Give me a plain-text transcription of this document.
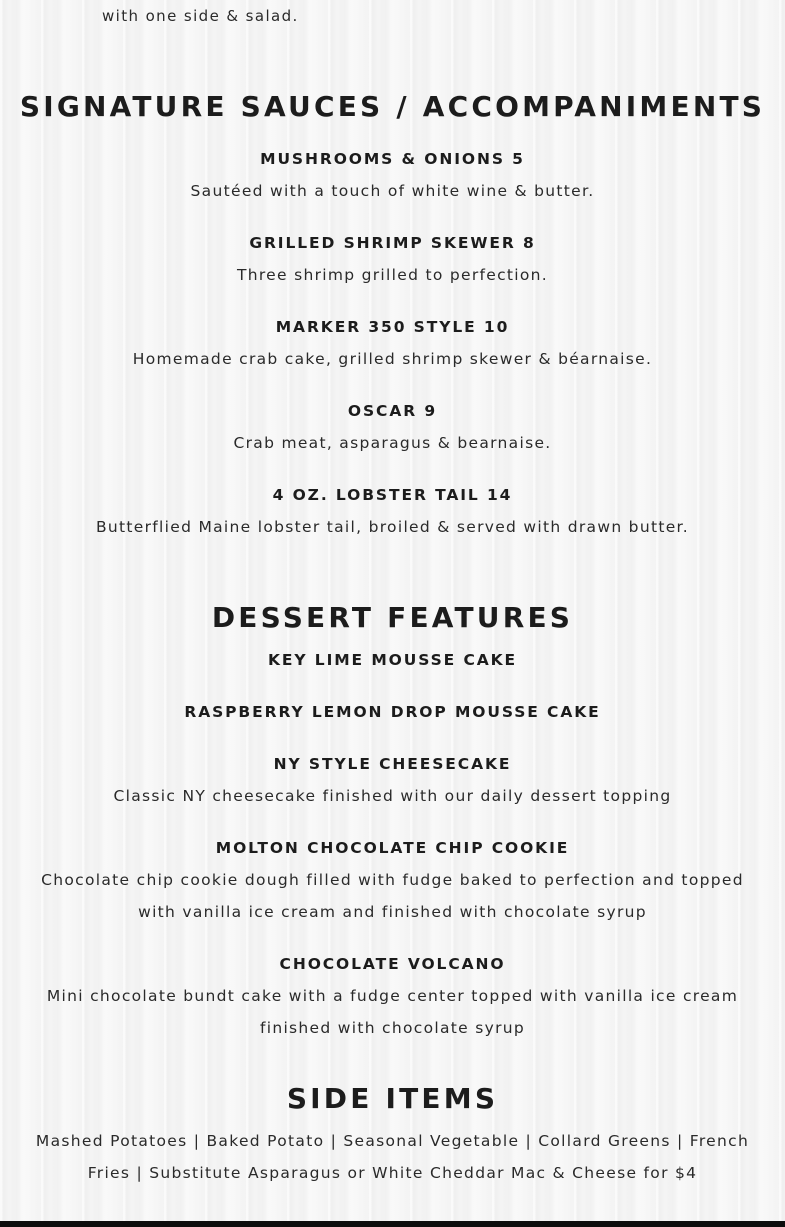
with one side & salad.

SIGNATURE SAUCES / ACCOMPANIMENTS

MUSHROOMS & ONIONS 5

Sautéed with a touch of white wine & butter.

GRILLED SHRIMP SKEWER 8

Three shrimp grilled to perfection.

MARKER 350 STYLE 10

Homemade crab cake, grilled shrimp skewer & béarnaise.

OSCAR 9

Crab meat, asparagus & bearnaise.

4 OZ. LOBSTER TAIL 14

Butterflied Maine lobster tail, broiled & served with drawn butter.

DESSERT FEATURES

KEY LIME MOUSSE CAKE

RASPBERRY LEMON DROP MOUSSE CAKE

NY STYLE CHEESECAKE

Classic NY cheesecake finished with our daily dessert topping

MOLTON CHOCOLATE CHIP COOKIE

Chocolate chip cookie dough filled with fudge baked to perfection and topped with vanilla ice cream and finished with chocolate syrup

CHOCOLATE VOLCANO

Mini chocolate bundt cake with a fudge center topped with vanilla ice cream finished with chocolate syrup

SIDE ITEMS

Mashed Potatoes | Baked Potato | Seasonal Vegetable | Collard Greens | French Fries | Substitute Asparagus or White Cheddar Mac & Cheese for $4
